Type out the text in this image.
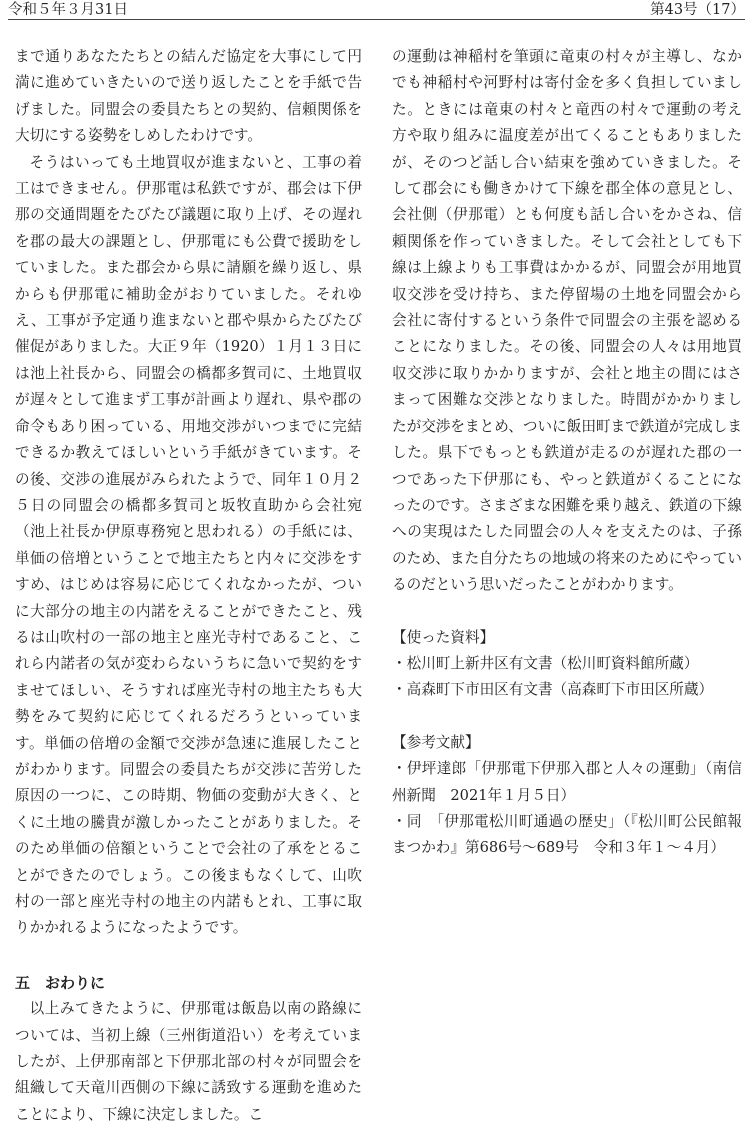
令和５年３月31日	第43号（17）

まで通りあなたたちとの結んだ協定を大事にして円満に進めていきたいので送り返したことを手紙で告げました。同盟会の委員たちとの契約、信頼関係を大切にする姿勢をしめしたわけです。

そうはいっても土地買収が進まないと、工事の着工はできません。伊那電は私鉄ですが、郡会は下伊那の交通問題をたびたび議題に取り上げ、その遅れを郡の最大の課題とし、伊那電にも公費で援助をしていました。また郡会から県に請願を繰り返し、県からも伊那電に補助金がおりていました。それゆえ、工事が予定通り進まないと郡や県からたびたび催促がありました。大正９年（1920）１月１３日には池上社長から、同盟会の橋都多賀司に、土地買収が遅々として進まず工事が計画より遅れ、県や郡の命令もあり困っている、用地交渉がいつまでに完結できるか教えてほしいという手紙がきています。その後、交渉の進展がみられたようで、同年１０月２５日の同盟会の橋都多賀司と坂牧直助から会社宛（池上社長か伊原専務宛と思われる）の手紙には、単価の倍増ということで地主たちと内々に交渉をすすめ、はじめは容易に応じてくれなかったが、ついに大部分の地主の内諾をえることができたこと、残るは山吹村の一部の地主と座光寺村であること、これら内諾者の気が変わらないうちに急いで契約をすませてほしい、そうすれば座光寺村の地主たちも大勢をみて契約に応じてくれるだろうといっています。単価の倍増の金額で交渉が急速に進展したことがわかります。同盟会の委員たちが交渉に苦労した原因の一つに、この時期、物価の変動が大きく、とくに土地の騰貴が激しかったことがありました。そのため単価の倍額ということで会社の了承をとることができたのでしょう。この後まもなくして、山吹村の一部と座光寺村の地主の内諾もとれ、工事に取りかかれるようになったようです。

五　おわりに

以上みてきたように、伊那電は飯島以南の路線については、当初上線（三州街道沿い）を考えていましたが、上伊那南部と下伊那北部の村々が同盟会を組織して天竜川西側の下線に誘致する運動を進めたことにより、下線に決定しました。こ

の運動は神稲村を筆頭に竜東の村々が主導し、なかでも神稲村や河野村は寄付金を多く負担していました。ときには竜東の村々と竜西の村々で運動の考え方や取り組みに温度差が出てくることもありましたが、そのつど話し合い結束を強めていきました。そして郡会にも働きかけて下線を郡全体の意見とし、会社側（伊那電）とも何度も話し合いをかさね、信頼関係を作っていきました。そして会社としても下線は上線よりも工事費はかかるが、同盟会が用地買収交渉を受け持ち、また停留場の土地を同盟会から会社に寄付するという条件で同盟会の主張を認めることになりました。その後、同盟会の人々は用地買収交渉に取りかかりますが、会社と地主の間にはさまって困難な交渉となりました。時間がかかりましたが交渉をまとめ、ついに飯田町まで鉄道が完成しました。県下でもっとも鉄道が走るのが遅れた郡の一つであった下伊那にも、やっと鉄道がくることになったのです。さまざまな困難を乗り越え、鉄道の下線への実現はたした同盟会の人々を支えたのは、子孫のため、また自分たちの地域の将来のためにやっているのだという思いだったことがわかります。

【使った資料】

・松川町上新井区有文書（松川町資料館所蔵）

・高森町下市田区有文書（高森町下市田区所蔵）

【参考文献】

・伊坪達郎「伊那電下伊那入郡と人々の運動」（南信州新聞　2021年１月５日）

・同　「伊那電松川町通過の歴史」（『松川町公民館報まつかわ』第686号〜689号　令和３年１〜４月）
